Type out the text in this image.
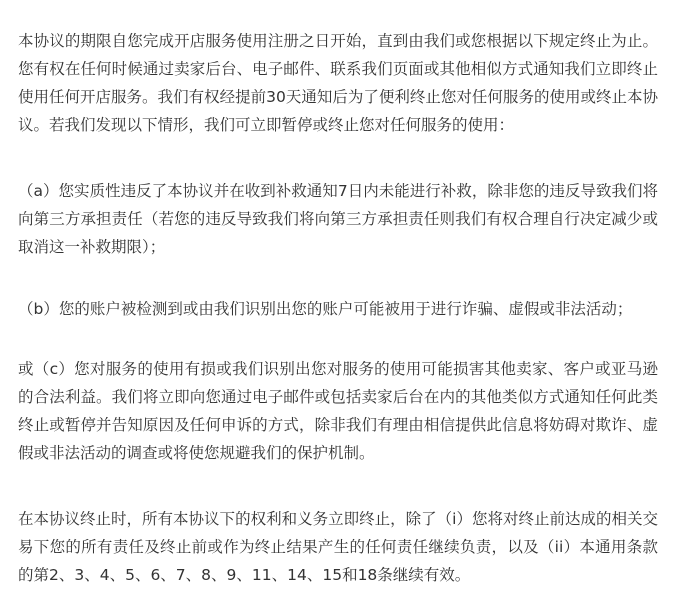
本协议的期限自您完成开店服务使用注册之日开始，直到由我们或您根据以下规定终止为止。您有权在任何时候通过卖家后台、电子邮件、联系我们页面或其他相似方式通知我们立即终止使用任何开店服务。我们有权经提前30天通知后为了便利终止您对任何服务的使用或终止本协议。若我们发现以下情形，我们可立即暂停或终止您对任何服务的使用：

（a）您实质性违反了本协议并在收到补救通知7日内未能进行补救，除非您的违反导致我们将向第三方承担责任（若您的违反导致我们将向第三方承担责任则我们有权合理自行决定减少或取消这一补救期限）；

（b）您的账户被检测到或由我们识别出您的账户可能被用于进行诈骗、虚假或非法活动；

或（c）您对服务的使用有损或我们识别出您对服务的使用可能损害其他卖家、客户或亚马逊的合法利益。我们将立即向您通过电子邮件或包括卖家后台在内的其他类似方式通知任何此类终止或暂停并告知原因及任何申诉的方式，除非我们有理由相信提供此信息将妨碍对欺诈、虚假或非法活动的调查或将使您规避我们的保护机制。

在本协议终止时，所有本协议下的权利和义务立即终止，除了（i）您将对终止前达成的相关交易下您的所有责任及终止前或作为终止结果产生的任何责任继续负责，以及（ii）本通用条款的第2、3、4、5、6、7、8、9、11、14、15和18条继续有效。
